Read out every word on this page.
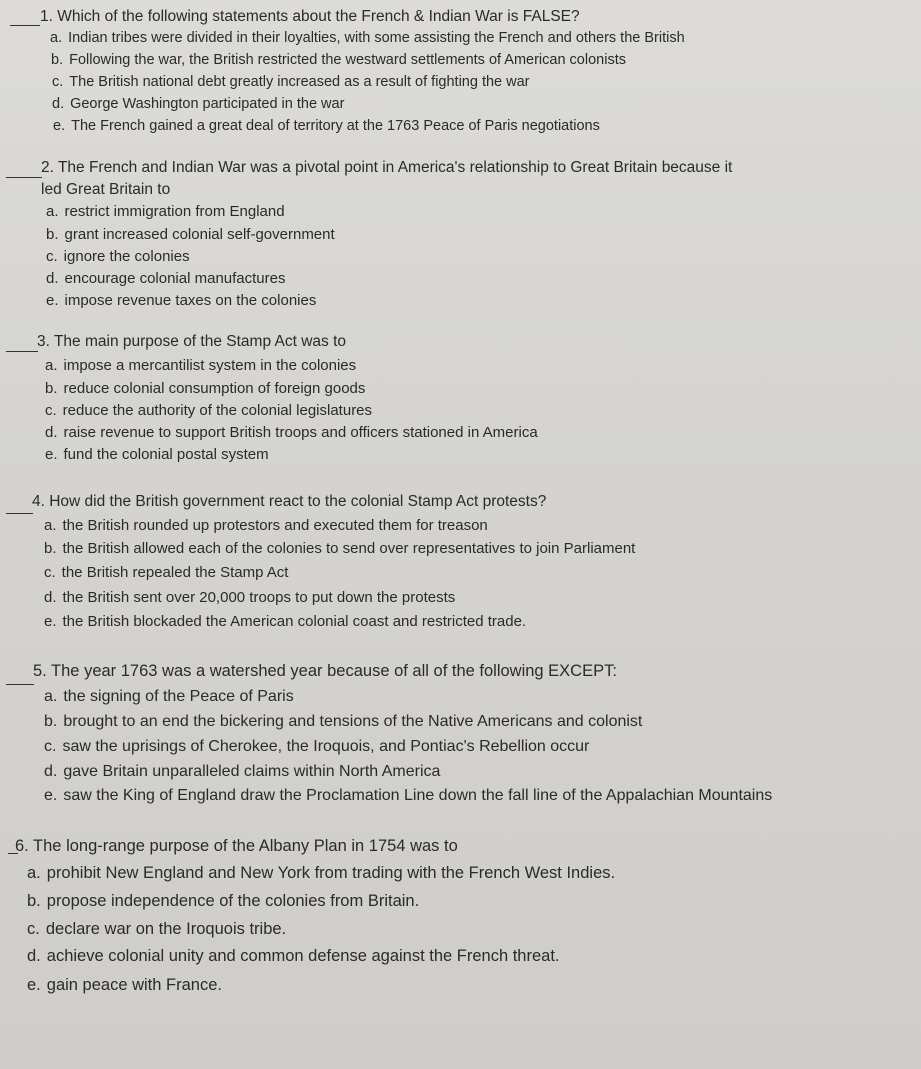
1. Which of the following statements about the French & Indian War is FALSE?
a. Indian tribes were divided in their loyalties, with some assisting the French and others the British
b. Following the war, the British restricted the westward settlements of American colonists
c. The British national debt greatly increased as a result of fighting the war
d. George Washington participated in the war
e. The French gained a great deal of territory at the 1763 Peace of Paris negotiations
2. The French and Indian War was a pivotal point in America's relationship to Great Britain because it
led Great Britain to
a. restrict immigration from England
b. grant increased colonial self-government
c. ignore the colonies
d. encourage colonial manufactures
e. impose revenue taxes on the colonies
3. The main purpose of the Stamp Act was to
a. impose a mercantilist system in the colonies
b. reduce colonial consumption of foreign goods
c. reduce the authority of the colonial legislatures
d. raise revenue to support British troops and officers stationed in America
e. fund the colonial postal system
4. How did the British government react to the colonial Stamp Act protests?
a. the British rounded up protestors and executed them for treason
b. the British allowed each of the colonies to send over representatives to join Parliament
c. the British repealed the Stamp Act
d. the British sent over 20,000 troops to put down the protests
e. the British blockaded the American colonial coast and restricted trade.
5. The year 1763 was a watershed year because of all of the following EXCEPT:
a. the signing of the Peace of Paris
b. brought to an end the bickering and tensions of the Native Americans and colonist
c. saw the uprisings of Cherokee, the Iroquois, and Pontiac's Rebellion occur
d. gave Britain unparalleled claims within North America
e. saw the King of England draw the Proclamation Line down the fall line of the Appalachian Mountains
6. The long-range purpose of the Albany Plan in 1754 was to
a. prohibit New England and New York from trading with the French West Indies.
b. propose independence of the colonies from Britain.
c. declare war on the Iroquois tribe.
d. achieve colonial unity and common defense against the French threat.
e. gain peace with France.
